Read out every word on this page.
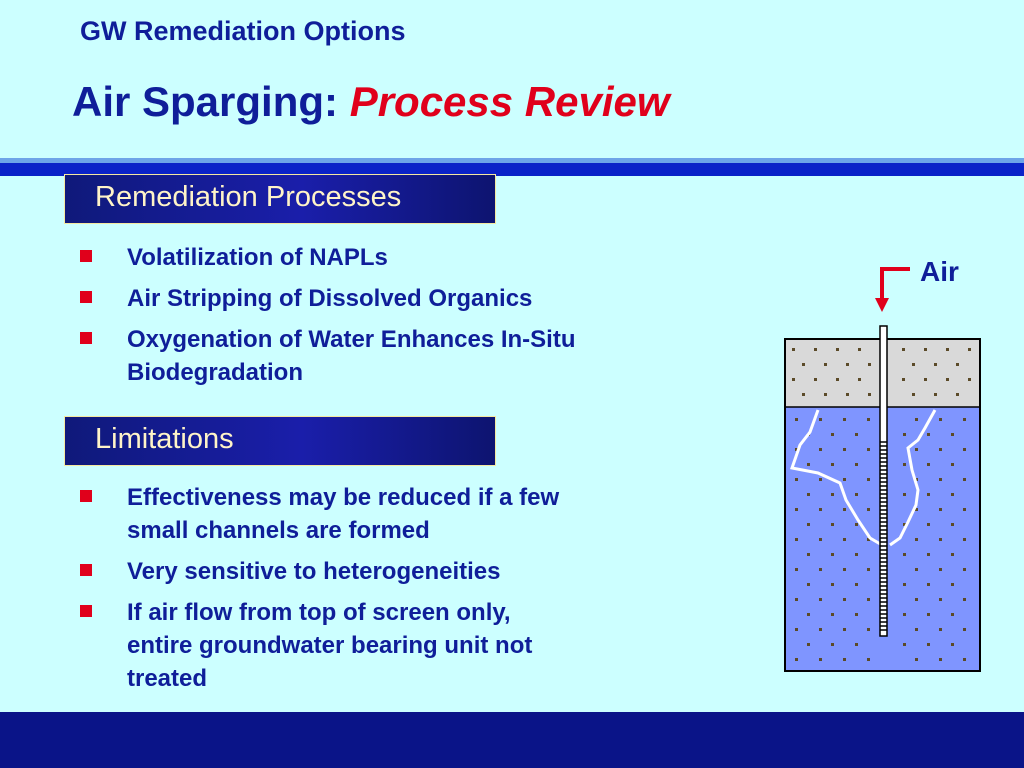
GW Remediation Options
Air Sparging: Process Review
Remediation Processes
Volatilization of NAPLs
Air Stripping of Dissolved Organics
Oxygenation of Water Enhances In-Situ Biodegradation
Limitations
Effectiveness may be reduced if a few small channels are formed
Very sensitive to heterogeneities
If air flow from top of screen only, entire groundwater bearing unit not treated
Air
